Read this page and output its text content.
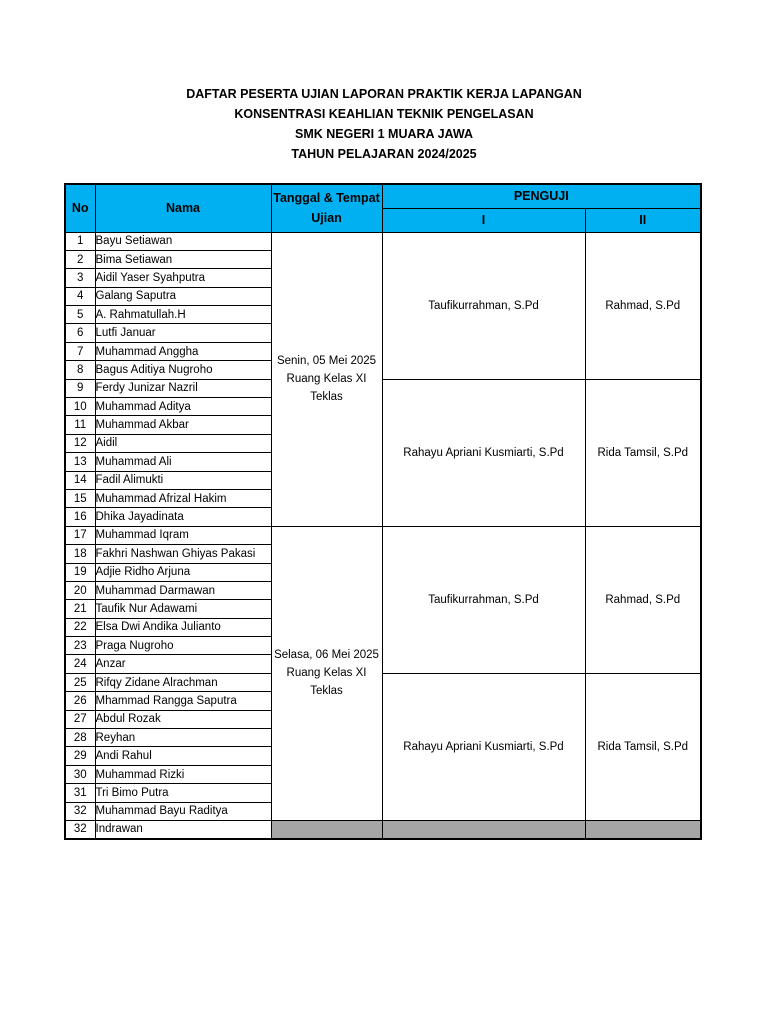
DAFTAR PESERTA UJIAN LAPORAN PRAKTIK KERJA LAPANGAN
KONSENTRASI KEAHLIAN TEKNIK PENGELASAN
SMK NEGERI 1 MUARA JAWA
TAHUN PELAJARAN 2024/2025
No	Nama	Tanggal & Tempat Ujian	PENGUJI	
			I	II
1	Bayu Setiawan	Senin, 05 Mei 2025 Ruang Kelas XI Teklas	Taufikurrahman, S.Pd	Rahmad, S.Pd
2	Bima Setiawan			
3	Aidil Yaser Syahputra			
4	Galang Saputra			
5	A. Rahmatullah.H			
6	Lutfi Januar			
7	Muhammad Anggha			
8	Bagus Aditiya Nugroho			
9	Ferdy Junizar Nazril		Rahayu Apriani Kusmiarti, S.Pd	Rida Tamsil, S.Pd
10	Muhammad Aditya			
11	Muhammad Akbar			
12	Aidil			
13	Muhammad Ali			
14	Fadil Alimukti			
15	Muhammad Afrizal Hakim			
16	Dhika Jayadinata			
17	Muhammad Iqram	Selasa, 06 Mei 2025 Ruang Kelas XI Teklas	Taufikurrahman, S.Pd	Rahmad, S.Pd
18	Fakhri Nashwan Ghiyas Pakasi			
19	Adjie Ridho Arjuna			
20	Muhammad Darmawan			
21	Taufik Nur Adawami			
22	Elsa Dwi Andika Julianto			
23	Praga Nugroho			
24	Anzar			
25	Rifqy Zidane Alrachman		Rahayu Apriani Kusmiarti, S.Pd	Rida Tamsil, S.Pd
26	Mhammad Rangga Saputra			
27	Abdul Rozak			
28	Reyhan			
29	Andi Rahul			
30	Muhammad Rizki			
31	Tri Bimo Putra			
32	Muhammad Bayu Raditya			
32	Indrawan			
